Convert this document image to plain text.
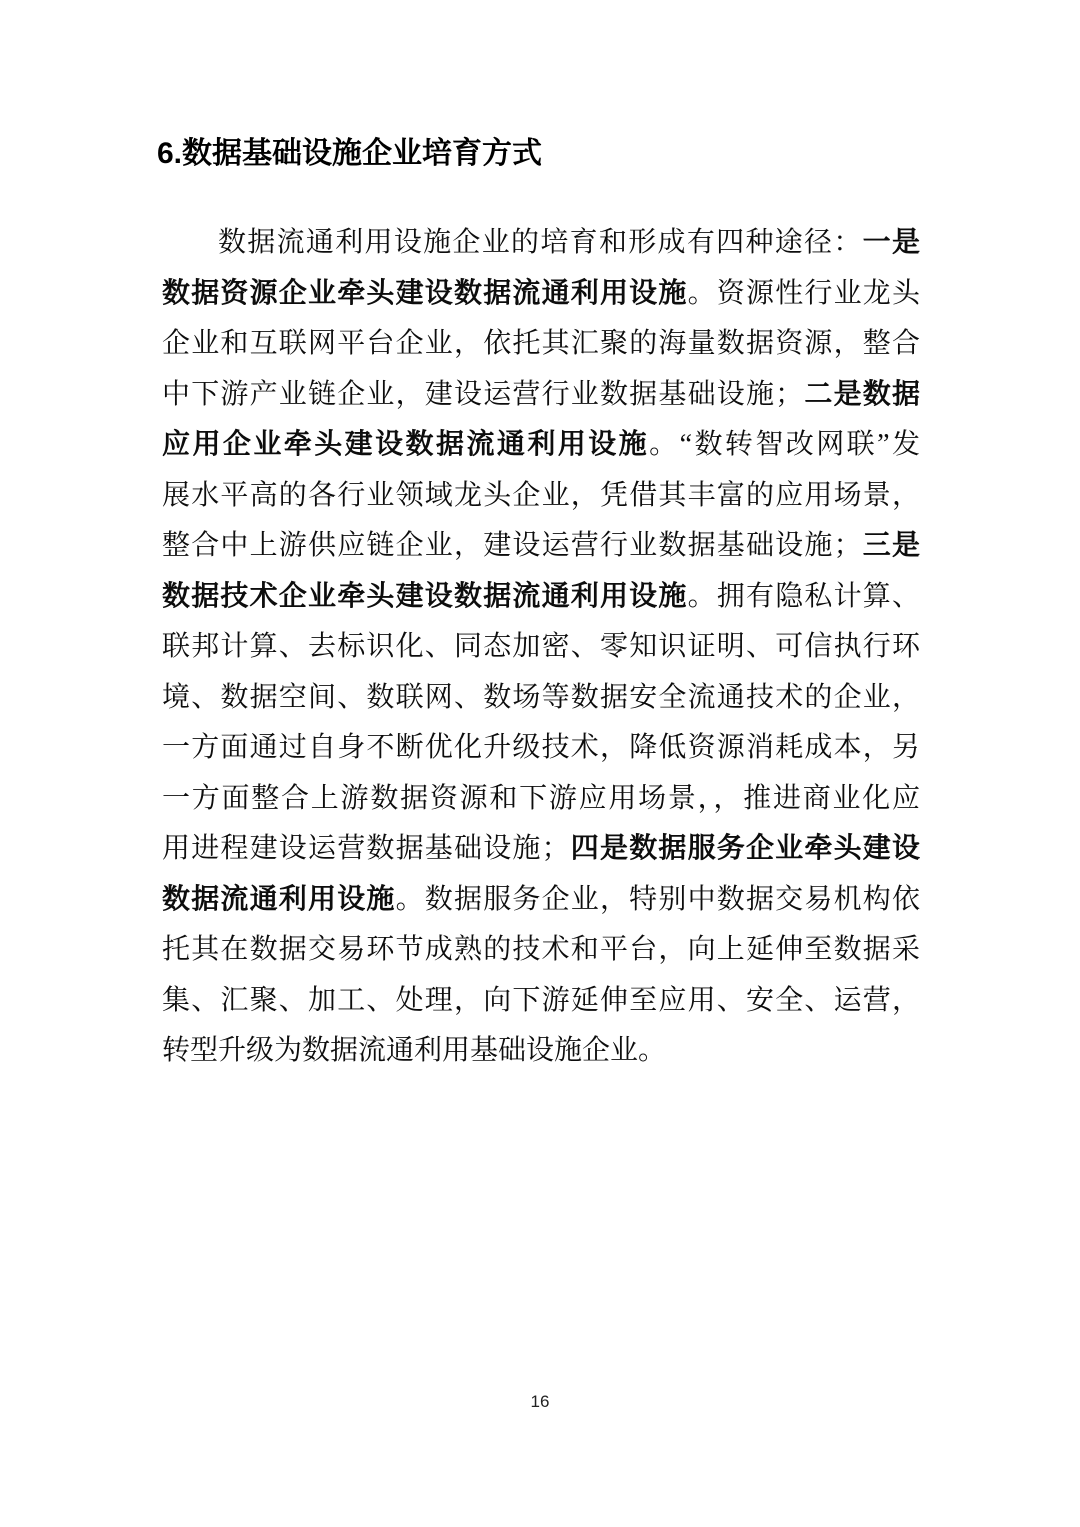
6.数据基础设施企业培育方式
数据流通利用设施企业的培育和形成有四种途径：一是
数据资源企业牵头建设数据流通利用设施。资源性行业龙头
企业和互联网平台企业，依托其汇聚的海量数据资源，整合
中下游产业链企业，建设运营行业数据基础设施；二是数据
应用企业牵头建设数据流通利用设施。“数转智改网联”发
展水平高的各行业领域龙头企业，凭借其丰富的应用场景，
整合中上游供应链企业，建设运营行业数据基础设施；三是
数据技术企业牵头建设数据流通利用设施。拥有隐私计算、
联邦计算、去标识化、同态加密、零知识证明、可信执行环
境、数据空间、数联网、数场等数据安全流通技术的企业，
一方面通过自身不断优化升级技术，降低资源消耗成本，另
一方面整合上游数据资源和下游应用场景，，推进商业化应
用进程建设运营数据基础设施；四是数据服务企业牵头建设
数据流通利用设施。数据服务企业，特别中数据交易机构依
托其在数据交易环节成熟的技术和平台，向上延伸至数据采
集、汇聚、加工、处理，向下游延伸至应用、安全、运营，
转型升级为数据流通利用基础设施企业。
16
